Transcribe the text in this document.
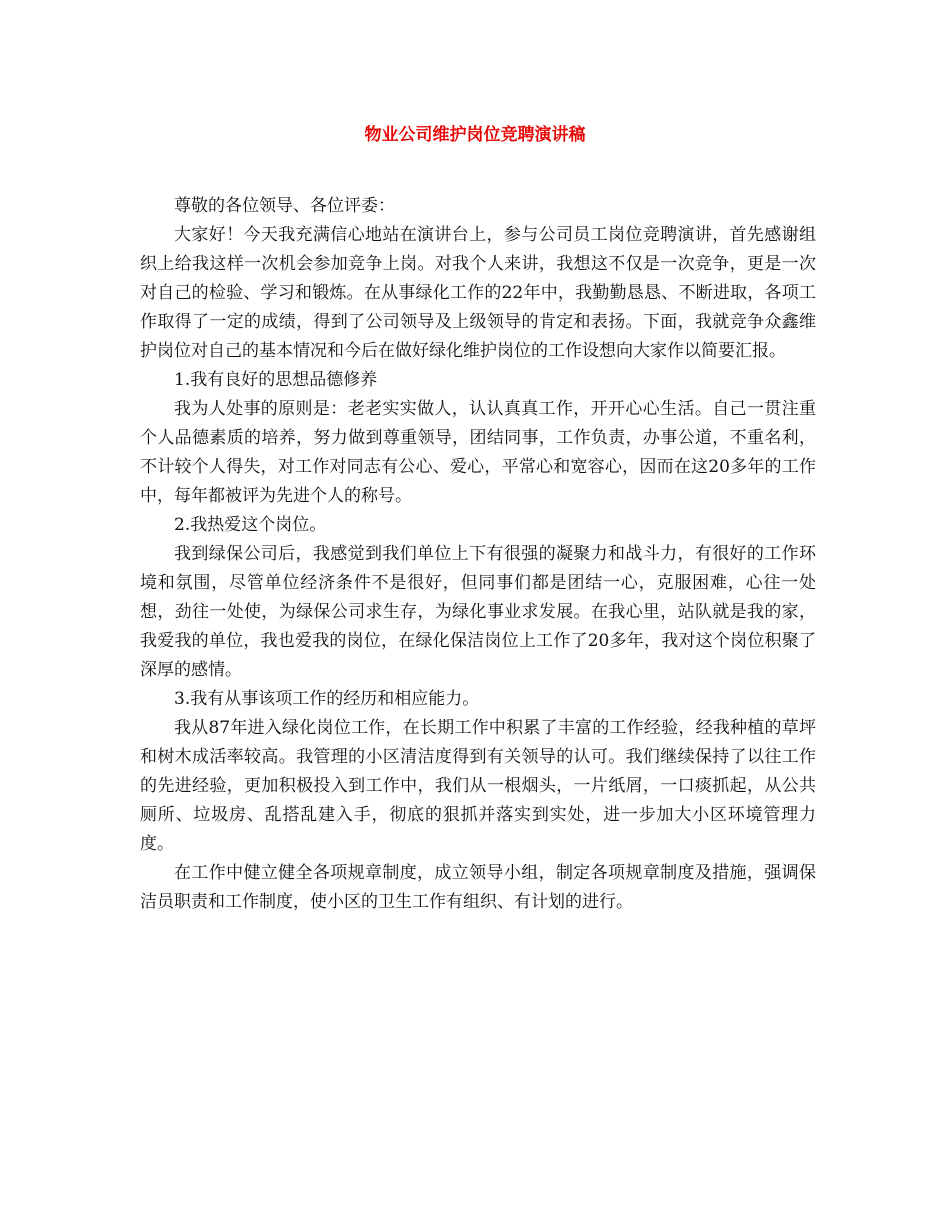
物业公司维护岗位竞聘演讲稿

尊敬的各位领导、各位评委：

大家好！今天我充满信心地站在演讲台上，参与公司员工岗位竞聘演讲，首先感谢组织上给我这样一次机会参加竞争上岗。对我个人来讲，我想这不仅是一次竞争，更是一次对自己的检验、学习和锻炼。在从事绿化工作的22年中，我勤勤恳恳、不断进取，各项工作取得了一定的成绩，得到了公司领导及上级领导的肯定和表扬。下面，我就竞争众鑫维护岗位对自己的基本情况和今后在做好绿化维护岗位的工作设想向大家作以简要汇报。

1.我有良好的思想品德修养

我为人处事的原则是：老老实实做人，认认真真工作，开开心心生活。自己一贯注重个人品德素质的培养，努力做到尊重领导，团结同事，工作负责，办事公道，不重名利，不计较个人得失，对工作对同志有公心、爱心，平常心和宽容心，因而在这20多年的工作中，每年都被评为先进个人的称号。

2.我热爱这个岗位。

我到绿保公司后，我感觉到我们单位上下有很强的凝聚力和战斗力，有很好的工作环境和氛围，尽管单位经济条件不是很好，但同事们都是团结一心，克服困难，心往一处想，劲往一处使，为绿保公司求生存，为绿化事业求发展。在我心里，站队就是我的家，我爱我的单位，我也爱我的岗位，在绿化保洁岗位上工作了20多年，我对这个岗位积聚了深厚的感情。

3.我有从事该项工作的经历和相应能力。

我从87年进入绿化岗位工作，在长期工作中积累了丰富的工作经验，经我种植的草坪和树木成活率较高。我管理的小区清洁度得到有关领导的认可。我们继续保持了以往工作的先进经验，更加积极投入到工作中，我们从一根烟头，一片纸屑，一口痰抓起，从公共厕所、垃圾房、乱搭乱建入手，彻底的狠抓并落实到实处，进一步加大小区环境管理力度。

在工作中健立健全各项规章制度，成立领导小组，制定各项规章制度及措施，强调保洁员职责和工作制度，使小区的卫生工作有组织、有计划的进行。
